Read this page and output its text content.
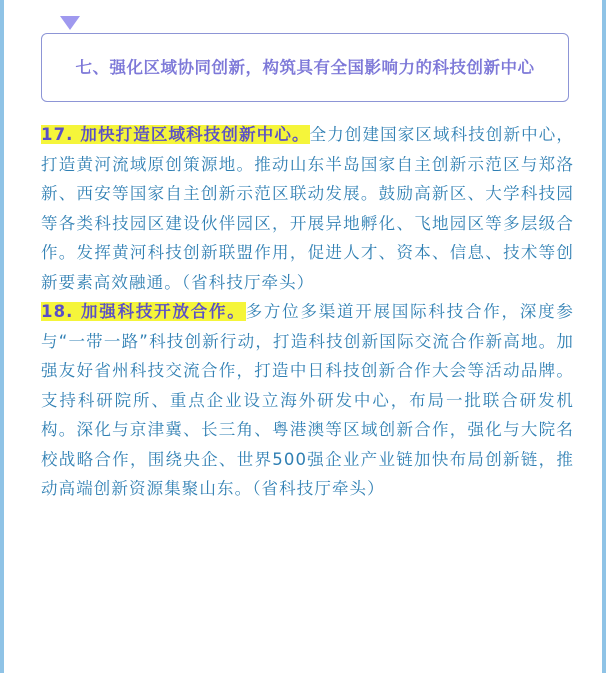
七、强化区域协同创新，构筑具有全国影响力的科技创新中心

17. 加快打造区域科技创新中心。全力创建国家区域科技创新中心，打造黄河流域原创策源地。推动山东半岛国家自主创新示范区与郑洛新、西安等国家自主创新示范区联动发展。鼓励高新区、大学科技园等各类科技园区建设伙伴园区，开展异地孵化、飞地园区等多层级合作。发挥黄河科技创新联盟作用，促进人才、资本、信息、技术等创新要素高效融通。（省科技厅牵头）

18. 加强科技开放合作。多方位多渠道开展国际科技合作，深度参与“一带一路”科技创新行动，打造科技创新国际交流合作新高地。加强友好省州科技交流合作，打造中日科技创新合作大会等活动品牌。支持科研院所、重点企业设立海外研发中心，布局一批联合研发机构。深化与京津冀、长三角、粤港澳等区域创新合作，强化与大院名校战略合作，围绕央企、世界500强企业产业链加快布局创新链，推动高端创新资源集聚山东。（省科技厅牵头）
